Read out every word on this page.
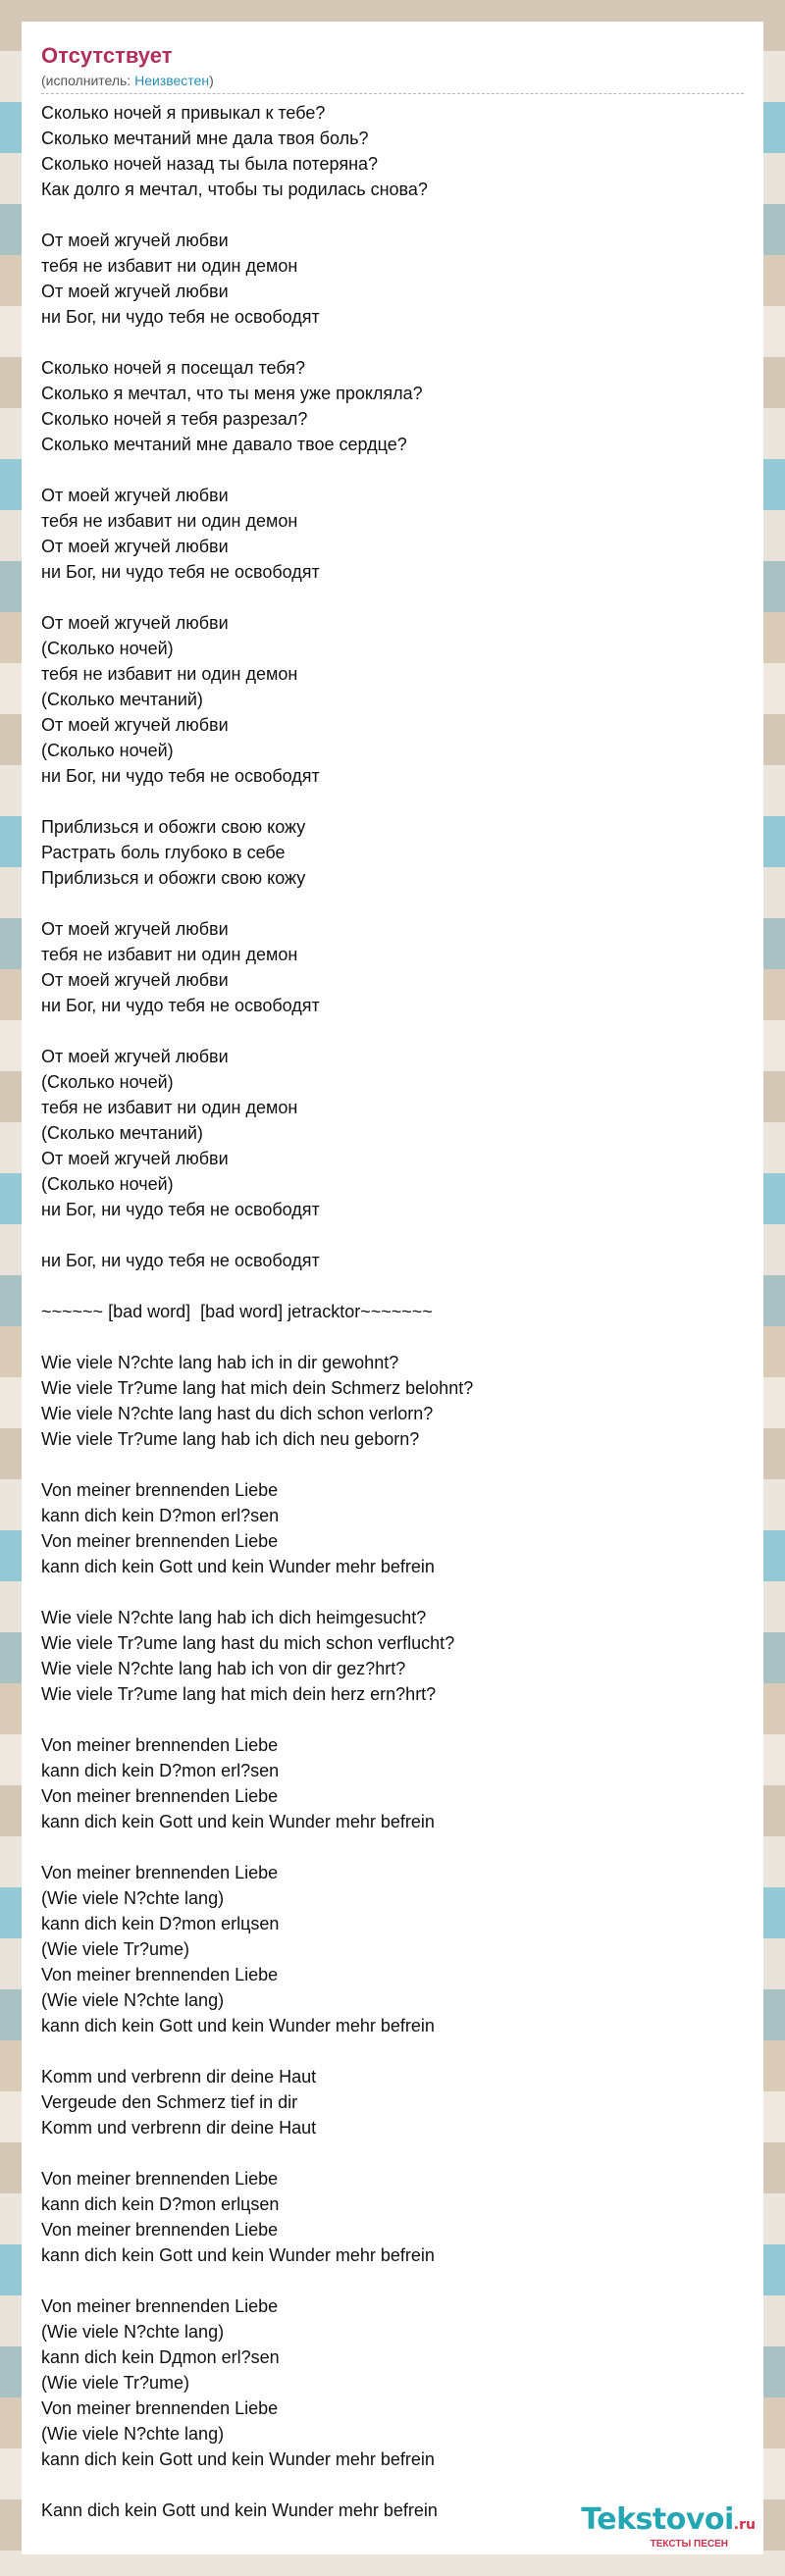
Отсутствует
(исполнитель: Неизвестен)
Сколько ночей я привыкал к тебе?
Сколько мечтаний мне дала твоя боль?
Сколько ночей назад ты была потеряна?
Как долго я мечтал, чтобы ты родилась снова?
От моей жгучей любви
тебя не избавит ни один демон
От моей жгучей любви
ни Бог, ни чудо тебя не освободят
Сколько ночей я посещал тебя?
Сколько я мечтал, что ты меня уже прокляла?
Сколько ночей я тебя разрезал?
Сколько мечтаний мне давало твое сердце?
От моей жгучей любви
тебя не избавит ни один демон
От моей жгучей любви
ни Бог, ни чудо тебя не освободят
От моей жгучей любви
(Сколько ночей)
тебя не избавит ни один демон
(Сколько мечтаний)
От моей жгучей любви
(Сколько ночей)
ни Бог, ни чудо тебя не освободят
Приблизься и обожги свою кожу
Растрать боль глубоко в себе
Приблизься и обожги свою кожу
От моей жгучей любви
тебя не избавит ни один демон
От моей жгучей любви
ни Бог, ни чудо тебя не освободят
От моей жгучей любви
(Сколько ночей)
тебя не избавит ни один демон
(Сколько мечтаний)
От моей жгучей любви
(Сколько ночей)
ни Бог, ни чудо тебя не освободят
ни Бог, ни чудо тебя не освободят
~~~~~~ [bad word]  [bad word] jetracktor~~~~~~~
Wie viele N?chte lang hab ich in dir gewohnt?
Wie viele Tr?ume lang hat mich dein Schmerz belohnt?
Wie viele N?chte lang hast du dich schon verlorn?
Wie viele Tr?ume lang hab ich dich neu geborn?
Von meiner brennenden Liebe
kann dich kein D?mon erl?sen
Von meiner brennenden Liebe
kann dich kein Gott und kein Wunder mehr befrein
Wie viele N?chte lang hab ich dich heimgesucht?
Wie viele Tr?ume lang hast du mich schon verflucht?
Wie viele N?chte lang hab ich von dir gez?hrt?
Wie viele Tr?ume lang hat mich dein herz ern?hrt?
Von meiner brennenden Liebe
kann dich kein D?mon erl?sen
Von meiner brennenden Liebe
kann dich kein Gott und kein Wunder mehr befrein
Von meiner brennenden Liebe
(Wie viele N?chte lang)
kann dich kein D?mon erlцsen
(Wie viele Tr?ume)
Von meiner brennenden Liebe
(Wie viele N?chte lang)
kann dich kein Gott und kein Wunder mehr befrein
Komm und verbrenn dir deine Haut
Vergeude den Schmerz tief in dir
Komm und verbrenn dir deine Haut
Von meiner brennenden Liebe
kann dich kein D?mon erlцsen
Von meiner brennenden Liebe
kann dich kein Gott und kein Wunder mehr befrein
Von meiner brennenden Liebe
(Wie viele N?chte lang)
kann dich kein Dдmon erl?sen
(Wie viele Tr?ume)
Von meiner brennenden Liebe
(Wie viele N?chte lang)
kann dich kein Gott und kein Wunder mehr befrein
Kann dich kein Gott und kein Wunder mehr befrein	Tekstovoi.ru
ТЕКСТЫ ПЕСЕН
